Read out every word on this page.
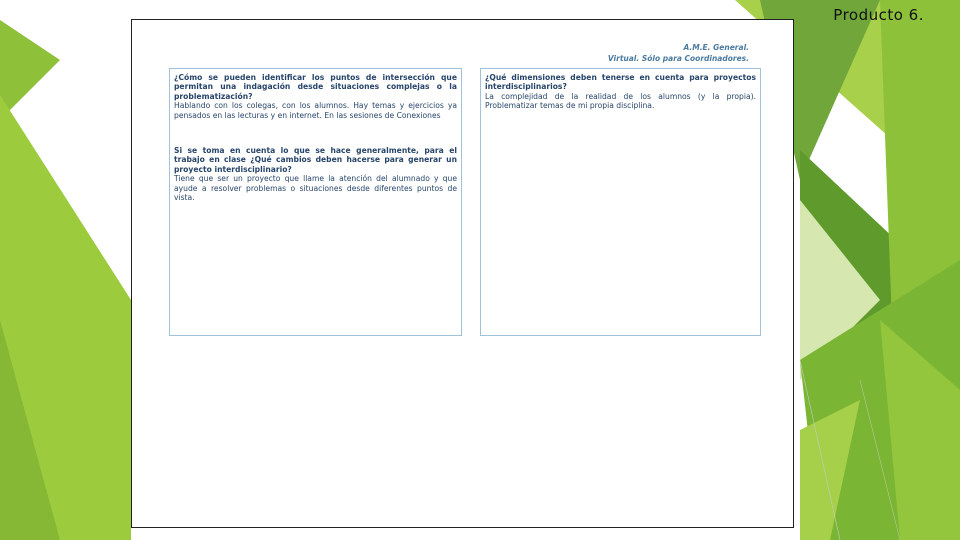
Producto 6.
A.M.E. General.
Virtual. Sólo para Coordinadores.

¿Cómo se pueden identificar los puntos de intersección que permitan una indagación desde situaciones complejas o la problematización?

Hablando con los colegas, con los alumnos. Hay temas y ejercicios ya pensados en las lecturas y en internet. En las sesiones de Conexiones

Si se toma en cuenta lo que se hace generalmente, para el trabajo en clase ¿Qué cambios deben hacerse para generar un proyecto interdisciplinario?

Tiene que ser un proyecto que llame la atención del alumnado y que ayude a resolver problemas o situaciones desde diferentes puntos de vista.

¿Qué dimensiones deben tenerse en cuenta para proyectos interdisciplinarios?

La complejidad de la realidad de los alumnos (y la propia). Problematizar temas de mi propia disciplina.
